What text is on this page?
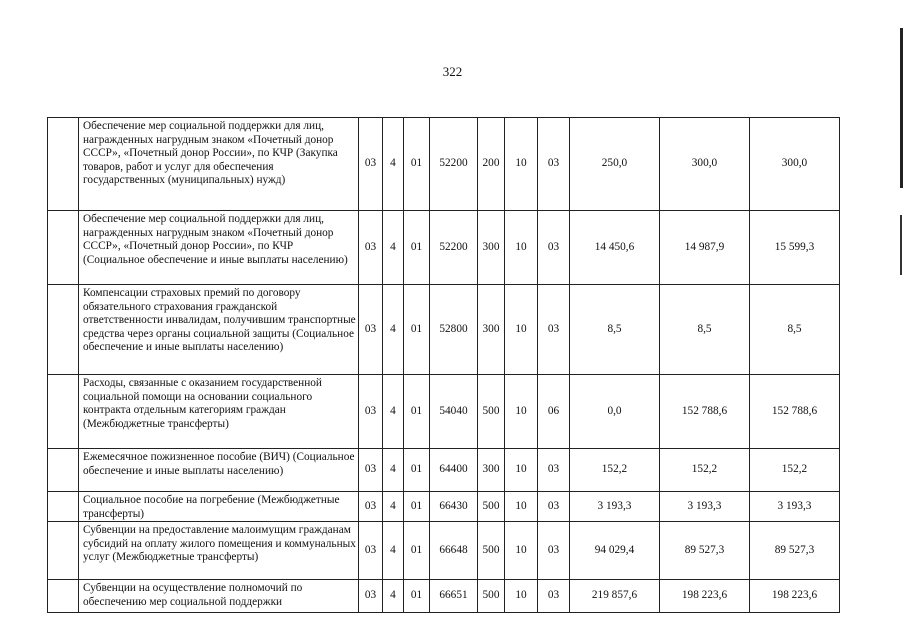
322
	Обеспечение мер социальной поддержки для лиц, награжденных нагрудным знаком «Почетный донор СССР», «Почетный донор России», по КЧР (Закупка товаров, работ и услуг для обеспечения государственных (муниципальных) нужд)	03	4	01	52200	200	10	03	250,0	300,0	300,0
	Обеспечение мер социальной поддержки для лиц, награжденных нагрудным знаком «Почетный донор СССР», «Почетный донор России», по КЧР (Социальное обеспечение и иные выплаты населению)	03	4	01	52200	300	10	03	14 450,6	14 987,9	15 599,3
	Компенсации страховых премий по договору обязательного страхования гражданской ответственности инвалидам, получившим транспортные средства через органы социальной защиты (Социальное обеспечение и иные выплаты населению)	03	4	01	52800	300	10	03	8,5	8,5	8,5
	Расходы, связанные с оказанием государственной социальной помощи на основании социального контракта отдельным категориям граждан (Межбюджетные трансферты)	03	4	01	54040	500	10	06	0,0	152 788,6	152 788,6
	Ежемесячное пожизненное пособие (ВИЧ) (Социальное обеспечение и иные выплаты населению)	03	4	01	64400	300	10	03	152,2	152,2	152,2
	Социальное пособие на погребение (Межбюджетные трансферты)	03	4	01	66430	500	10	03	3 193,3	3 193,3	3 193,3
	Субвенции на предоставление малоимущим гражданам субсидий на оплату жилого помещения и коммунальных услуг (Межбюджетные трансферты)	03	4	01	66648	500	10	03	94 029,4	89 527,3	89 527,3
	Субвенции на осуществление полномочий по обеспечению мер социальной поддержки	03	4	01	66651	500	10	03	219 857,6	198 223,6	198 223,6
